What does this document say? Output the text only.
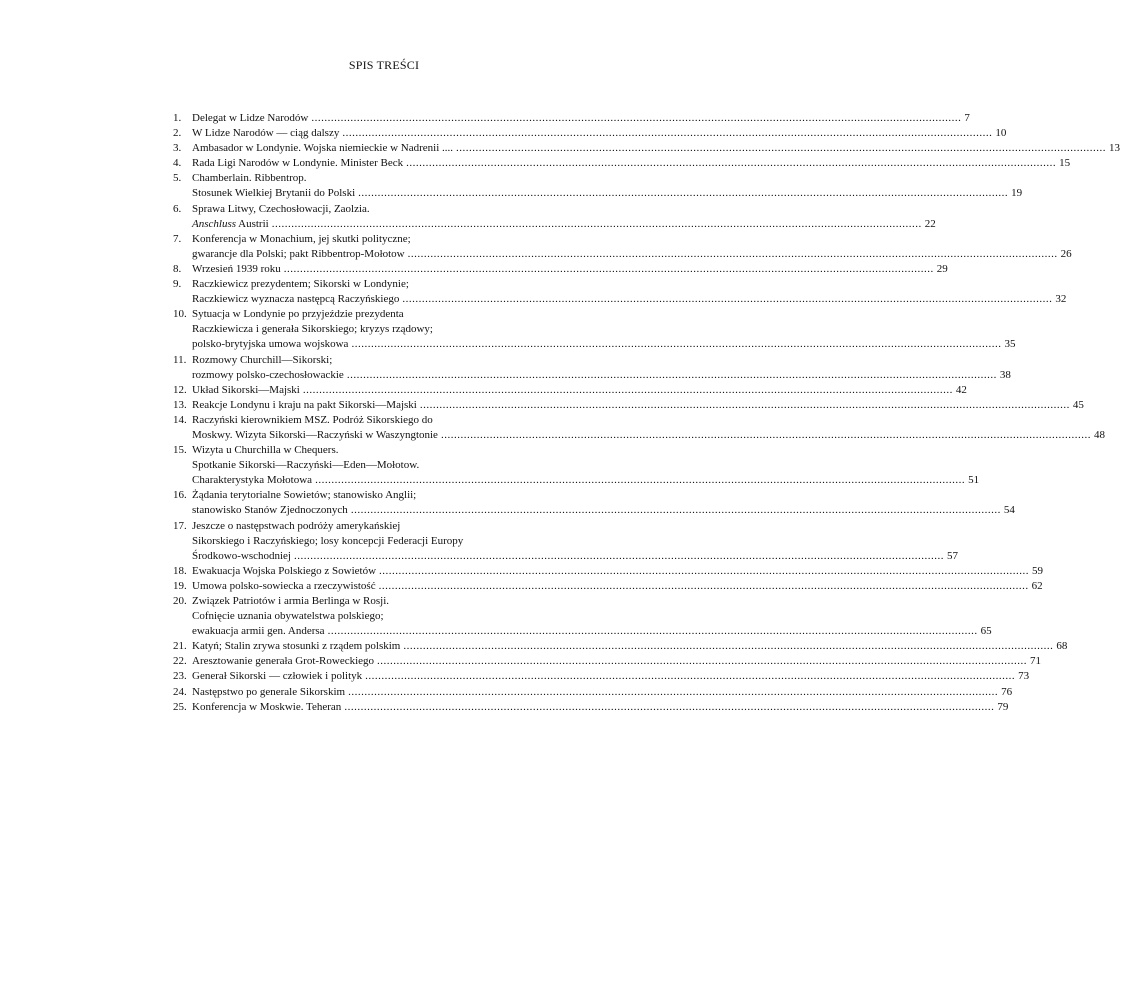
SPIS TREŚCI
1. Delegat w Lidze Narodów ........................................................................................................................................................................................................ 7
2. W Lidze Narodów — ciąg dalszy ........................................................................................................................................................................................................ 10
3. Ambasador w Londynie. Wojska niemieckie w Nadrenii .... ........................................................................................................................................................................................................ 13
4. Rada Ligi Narodów w Londynie. Minister Beck ........................................................................................................................................................................................................ 15
5. Chamberlain. Ribbentrop.
Stosunek Wielkiej Brytanii do Polski ........................................................................................................................................................................................................ 19
6. Sprawa Litwy, Czechosłowacji, Zaolzia.
Anschluss Austrii ........................................................................................................................................................................................................ 22
7. Konferencja w Monachium, jej skutki polityczne;
gwarancje dla Polski; pakt Ribbentrop-Mołotow ........................................................................................................................................................................................................ 26
8. Wrzesień 1939 roku ........................................................................................................................................................................................................ 29
9. Raczkiewicz prezydentem; Sikorski w Londynie;
Raczkiewicz wyznacza następcą Raczyńskiego ........................................................................................................................................................................................................ 32
10. Sytuacja w Londynie po przyjeździe prezydenta
Raczkiewicza i generała Sikorskiego; kryzys rządowy;
polsko-brytyjska umowa wojskowa ........................................................................................................................................................................................................ 35
11. Rozmowy Churchill—Sikorski;
rozmowy polsko-czechosłowackie ........................................................................................................................................................................................................ 38
12. Układ Sikorski—Majski ........................................................................................................................................................................................................ 42
13. Reakcje Londynu i kraju na pakt Sikorski—Majski ........................................................................................................................................................................................................ 45
14. Raczyński kierownikiem MSZ. Podróż Sikorskiego do
Moskwy. Wizyta Sikorski—Raczyński w Waszyngtonie ........................................................................................................................................................................................................ 48
15. Wizyta u Churchilla w Chequers.
Spotkanie Sikorski—Raczyński—Eden—Mołotow.
Charakterystyka Mołotowa ........................................................................................................................................................................................................ 51
16. Żądania terytorialne Sowietów; stanowisko Anglii;
stanowisko Stanów Zjednoczonych ........................................................................................................................................................................................................ 54
17. Jeszcze o następstwach podróży amerykańskiej
Sikorskiego i Raczyńskiego; losy koncepcji Federacji Europy
Środkowo-wschodniej ........................................................................................................................................................................................................ 57
18. Ewakuacja Wojska Polskiego z Sowietów ........................................................................................................................................................................................................ 59
19. Umowa polsko-sowiecka a rzeczywistość ........................................................................................................................................................................................................ 62
20. Związek Patriotów i armia Berlinga w Rosji.
Cofnięcie uznania obywatelstwa polskiego;
ewakuacja armii gen. Andersa ........................................................................................................................................................................................................ 65
21. Katyń; Stalin zrywa stosunki z rządem polskim ........................................................................................................................................................................................................ 68
22. Aresztowanie generała Grot-Roweckiego ........................................................................................................................................................................................................ 71
23. Generał Sikorski — człowiek i polityk ........................................................................................................................................................................................................ 73
24. Następstwo po generale Sikorskim ........................................................................................................................................................................................................ 76
25. Konferencja w Moskwie. Teheran ........................................................................................................................................................................................................ 79
